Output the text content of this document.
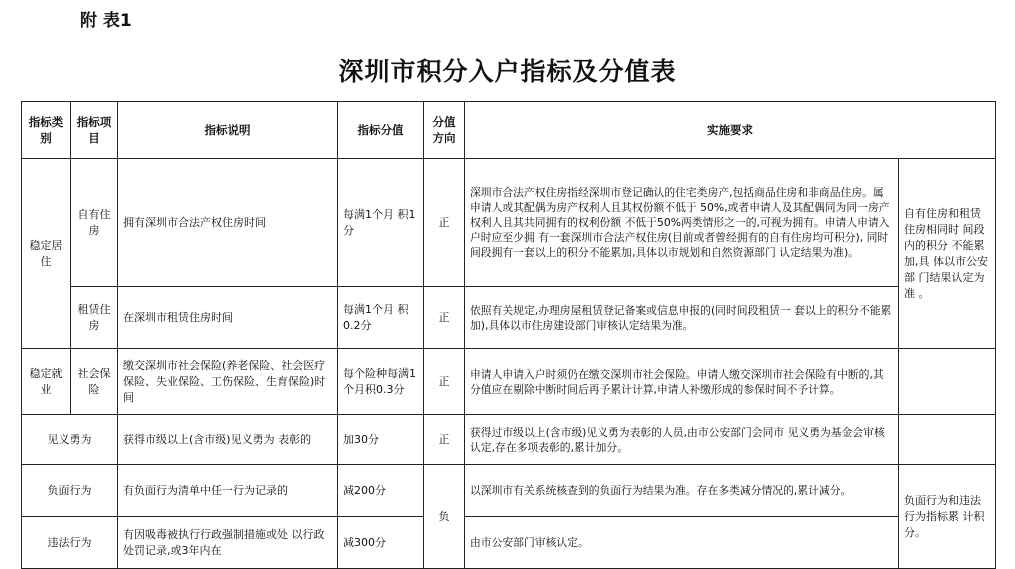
附 表1
深圳市积分入户指标及分值表
指标类别	指标项目	指标说明	指标分值	分值方向	实施要求	
稳定居住	自有住房	拥有深圳市合法产权住房时间	每满1个月 积1分	正	深圳市合法产权住房指经深圳市登记确认的住宅类房产,包括商品住房和非商品住房。属申请人或其配偶为房产权利人且其权份额不低于 50%,或者申请人及其配偶同为同一房产权利人且其共同拥有的权利份额 不低于50%两类情形之一的,可视为拥有。申请人申请入户时应至少拥 有一套深圳市合法产权住房(目前或者曾经拥有的自有住房均可积分), 同时间段拥有一套以上的积分不能累加,具体以市规划和自然资源部门 认定结果为准)。	自有住房和租赁住房相同时 间段内的积分 不能累加,具 体以市公安部 门结果认定为准 。
	租赁住房	在深圳市租赁住房时间	每满1个月 积0.2分	正	依照有关规定,办理房屋租赁登记备案或信息申报的(同时间段租赁一 套以上的积分不能累加),具体以市住房建设部门审核认定结果为准。	
稳定就业	社会保险	缴交深圳市社会保险(养老保险、社会医疗保险、失业保险、工伤保险、生育保险)时间	每个险种每满1个月积0.3分	正	申请人申请入户时须仍在缴交深圳市社会保险。申请人缴交深圳市社会保险有中断的,其分值应在剔除中断时间后再予累计计算,申请人补缴形成的参保时间不予计算。	
见义勇为		获得市级以上(含市级)见义勇为 表彰的	加30分	正	获得过市级以上(含市级)见义勇为表彰的人员,由市公安部门会同市 见义勇为基金会审核认定,存在多项表彰的,累计加分。	
负面行为		有负面行为清单中任一行为记录的	减200分	负	以深圳市有关系统核查到的负面行为结果为准。存在多类减分情况的,累计减分。	负面行为和违法行为指标累 计积分。
违法行为		有因吸毒被执行行政强制措施或处 以行政处罚记录,或3年内在	减300分		由市公安部门审核认定。	
